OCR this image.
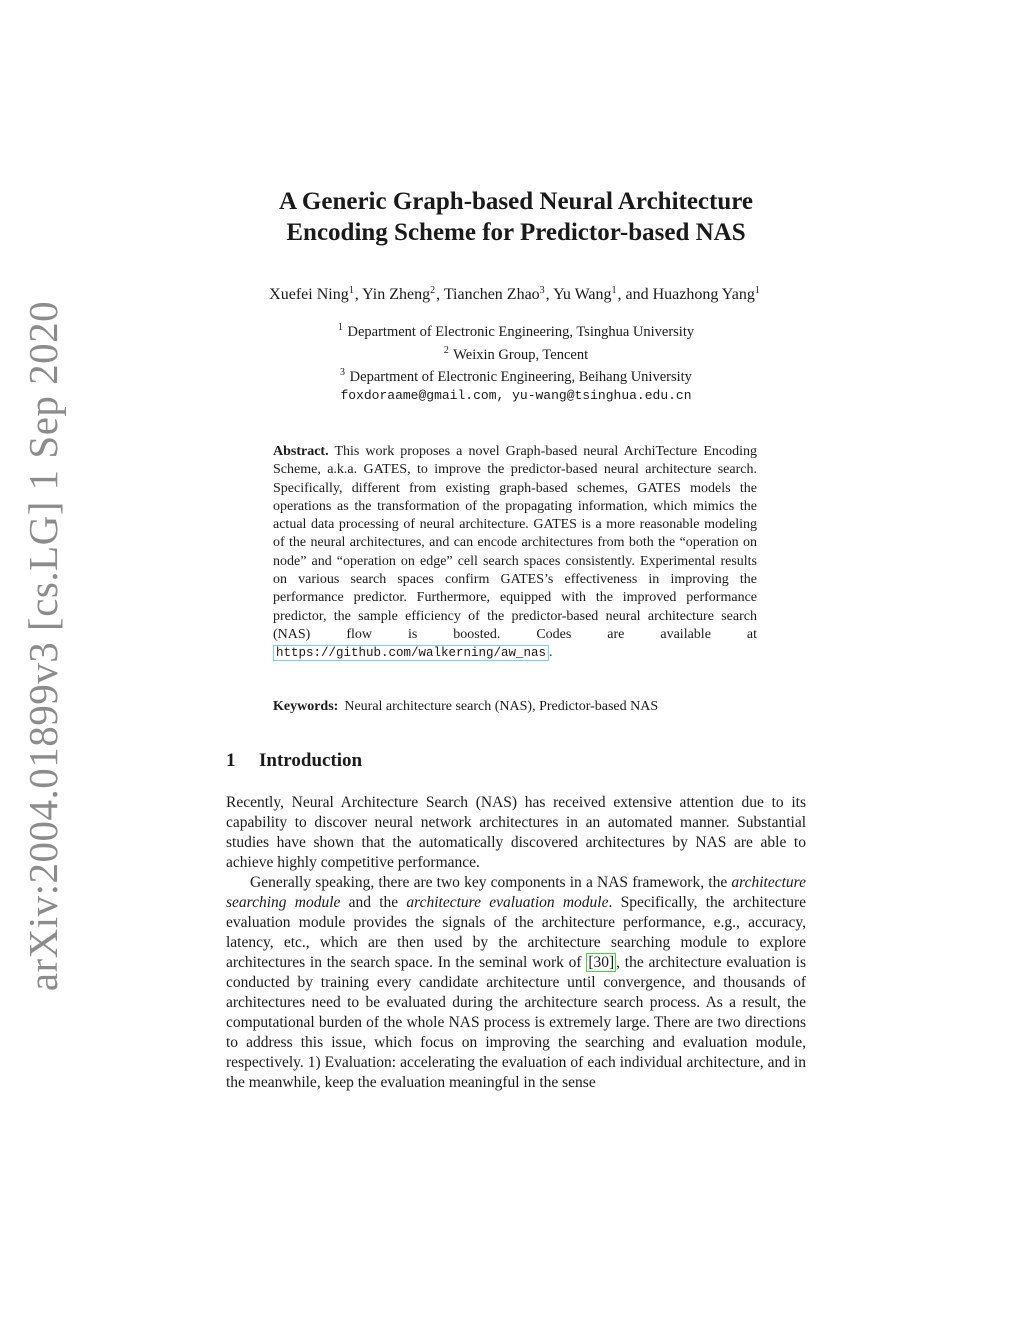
arXiv:2004.01899v3 [cs.LG] 1 Sep 2020
A Generic Graph-based Neural Architecture
Encoding Scheme for Predictor-based NAS
Xuefei Ning$^1$, Yin Zheng$^2$, Tianchen Zhao$^3$, Yu Wang$^1$, and Huazhong Yang$^1$
$^1$ Department of Electronic Engineering, Tsinghua University
$^2$ Weixin Group, Tencent
$^3$ Department of Electronic Engineering, Beihang University
foxdoraame@gmail.com, yu-wang@tsinghua.edu.cn

Abstract. This work proposes a novel Graph-based neural ArchiTecture Encoding Scheme, a.k.a. GATES, to improve the predictor-based neural architecture search. Specifically, different from existing graph-based schemes, GATES models the operations as the transformation of the propagating information, which mimics the actual data processing of neural architecture. GATES is a more reasonable modeling of the neural architectures, and can encode architectures from both the “operation on node” and “operation on edge” cell search spaces consistently. Experimental results on various search spaces confirm GATES’s effectiveness in improving the performance predictor. Furthermore, equipped with the improved performance predictor, the sample efficiency of the predictor-based neural architecture search (NAS) flow is boosted. Codes are available at https://github.com/walkerning/aw_nas .

Keywords: Neural architecture search (NAS), Predictor-based NAS

1 Introduction

Recently, Neural Architecture Search (NAS) has received extensive attention due to its capability to discover neural network architectures in an automated manner. Substantial studies have shown that the automatically discovered architectures by NAS are able to achieve highly competitive performance.

Generally speaking, there are two key components in a NAS framework, the architecture searching module and the architecture evaluation module. Specifically, the architecture evaluation module provides the signals of the architecture performance, e.g., accuracy, latency, etc., which are then used by the architecture searching module to explore architectures in the search space. In the seminal work of [30] , the architecture evaluation is conducted by training every candidate architecture until convergence, and thousands of architectures need to be evaluated during the architecture search process. As a result, the computational burden of the whole NAS process is extremely large. There are two directions to address this issue, which focus on improving the searching and evaluation module, respectively. 1) Evaluation: accelerating the evaluation of each individual architecture, and in the meanwhile, keep the evaluation meaningful in the sense
